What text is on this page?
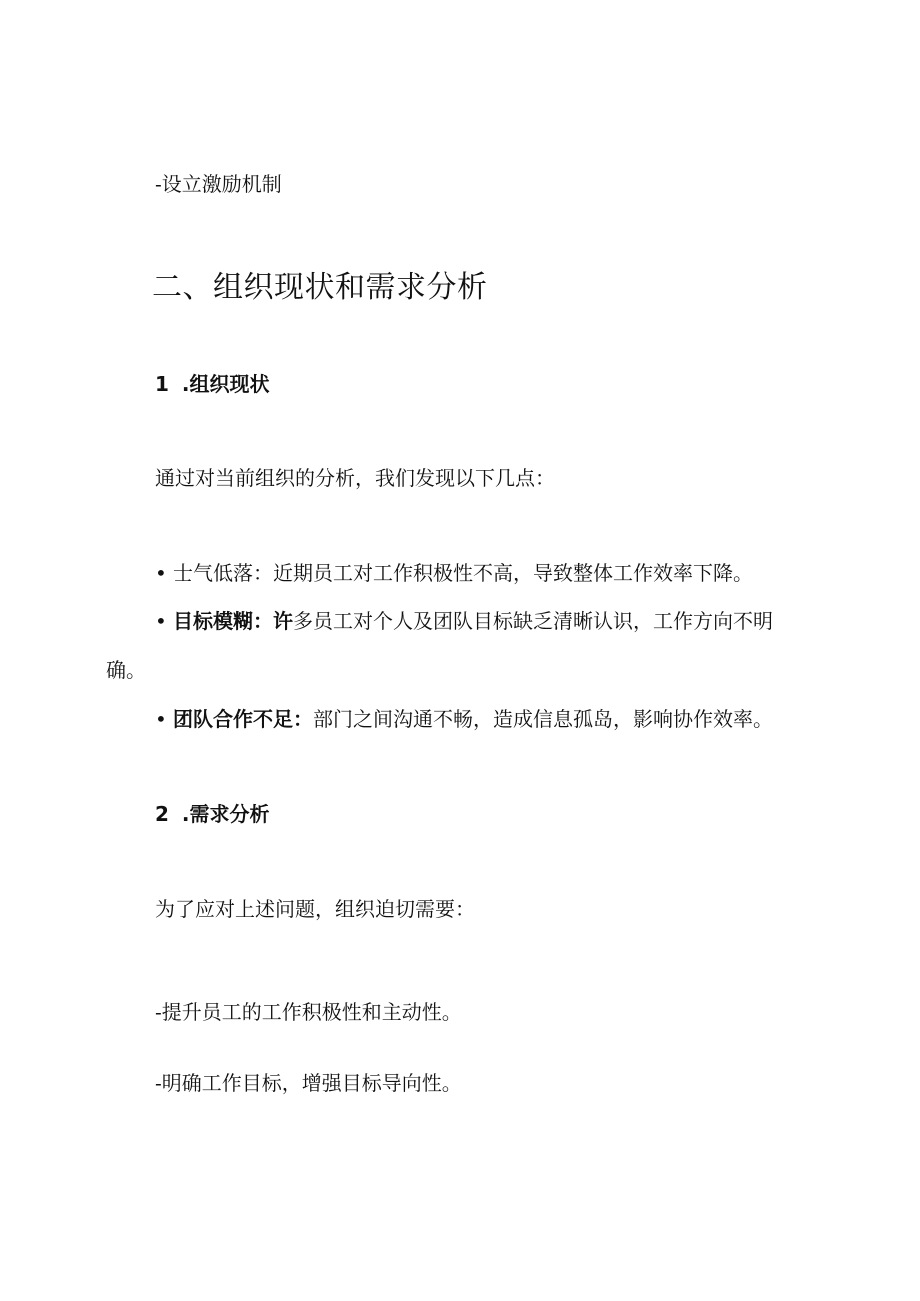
-设立激励机制
二、组织现状和需求分析
1 .组织现状
通过对当前组织的分析，我们发现以下几点：
• 士气低落：近期员工对工作积极性不高，导致整体工作效率下降。
• 目标模糊：许多员工对个人及团队目标缺乏清晰认识，工作方向不明
确。
• 团队合作不足：部门之间沟通不畅，造成信息孤岛，影响协作效率。
2 .需求分析
为了应对上述问题，组织迫切需要：
-提升员工的工作积极性和主动性。
-明确工作目标，增强目标导向性。
